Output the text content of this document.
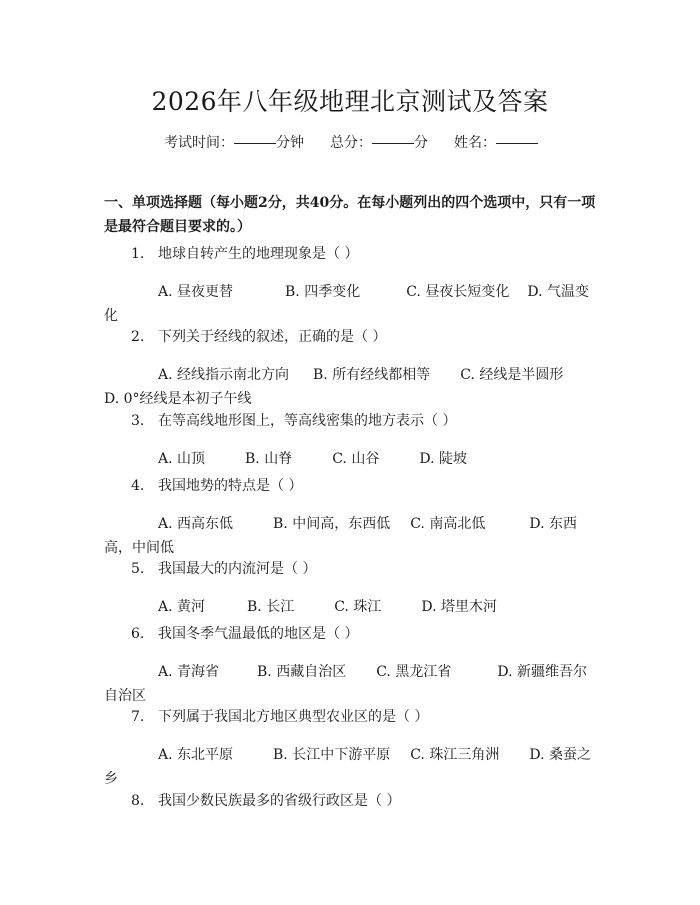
2026年八年级地理北京测试及答案
考试时间：	分钟 总分：	分 姓名：
一、单项选择题（每小题2分，共40分。在每小题列出的四个选项中，只有一项是最符合题目要求的。）
1. 地球自转产生的地理现象是（ ）
A. 昼夜更替	B. 四季变化	C. 昼夜长短变化 D. 气温变化
2. 下列关于经线的叙述，正确的是（ ）
A. 经线指示南北方向 B. 所有经线都相等 C. 经线是半圆形D. 0°经线是本初子午线
3. 在等高线地形图上，等高线密集的地方表示（ ）
A. 山顶	B. 山脊	C. 山谷	D. 陡坡
4. 我国地势的特点是（ ）
A. 西高东低	B. 中间高，东西低 C. 南高北低	D. 东西高，中间低
5. 我国最大的内流河是（ ）
A. 黄河	B. 长江	C. 珠江	D. 塔里木河
6. 我国冬季气温最低的地区是（ ）
A. 青海省	B. 西藏自治区 C. 黑龙江省	D. 新疆维吾尔自治区
7. 下列属于我国北方地区典型农业区的是（ ）
A. 东北平原	B. 长江中下游平原 C. 珠江三角洲 D. 桑蚕之乡
8. 我国少数民族最多的省级行政区是（ ）
